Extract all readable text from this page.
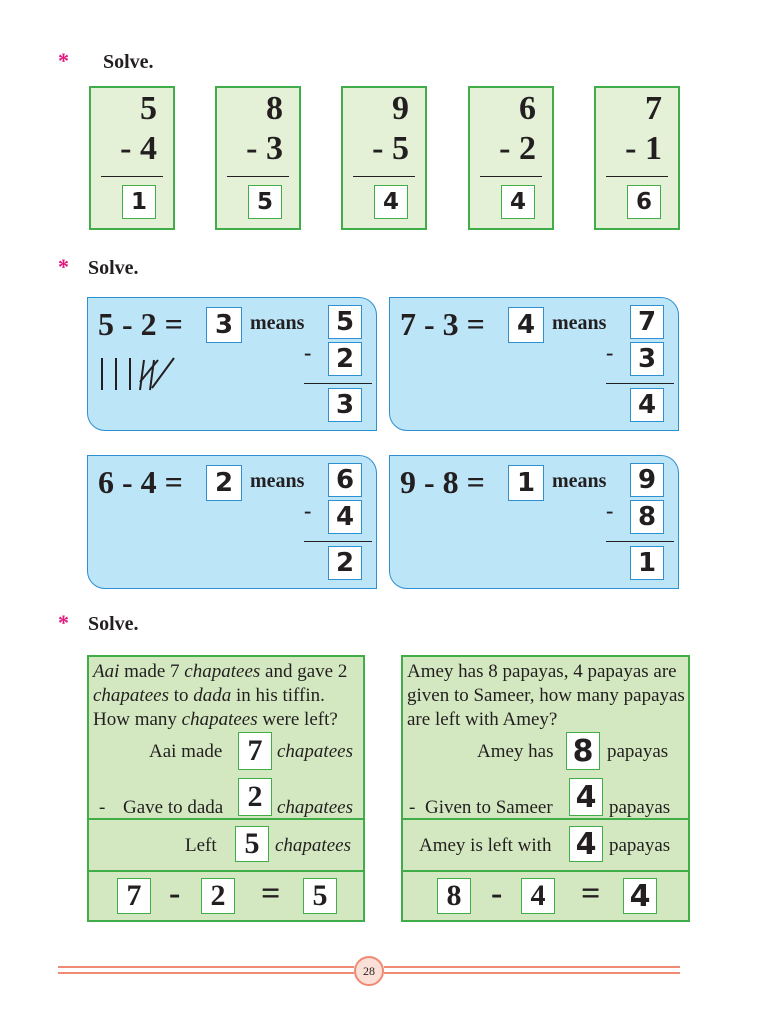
* Solve.
5
- 4
1
8
- 3
5
9
- 5
4
6
- 2
4
7
- 1
6
* Solve.
5 - 2 =	3 means	5
- 2
3
7 - 3 =	4 means	7
- 3
4
6 - 4 =	2 means	6
- 4
2
9 - 8 =	1 means	9
- 8
1
* Solve.
Aai made 7 chapatees and gave 2 chapatees to dada in his tiffin. How many chapatees were left?
Aai made 7 chapatees
- Gave to dada 2 chapatees
Left 5 chapatees
7 -	2 =	5
Amey has 8 papayas, 4 papayas are given to Sameer, how many papayas are left with Amey?
Amey has 8 papayas
- Given to Sameer 4 papayas
Amey is left with 4 papayas
8 - 4 = 4
28
